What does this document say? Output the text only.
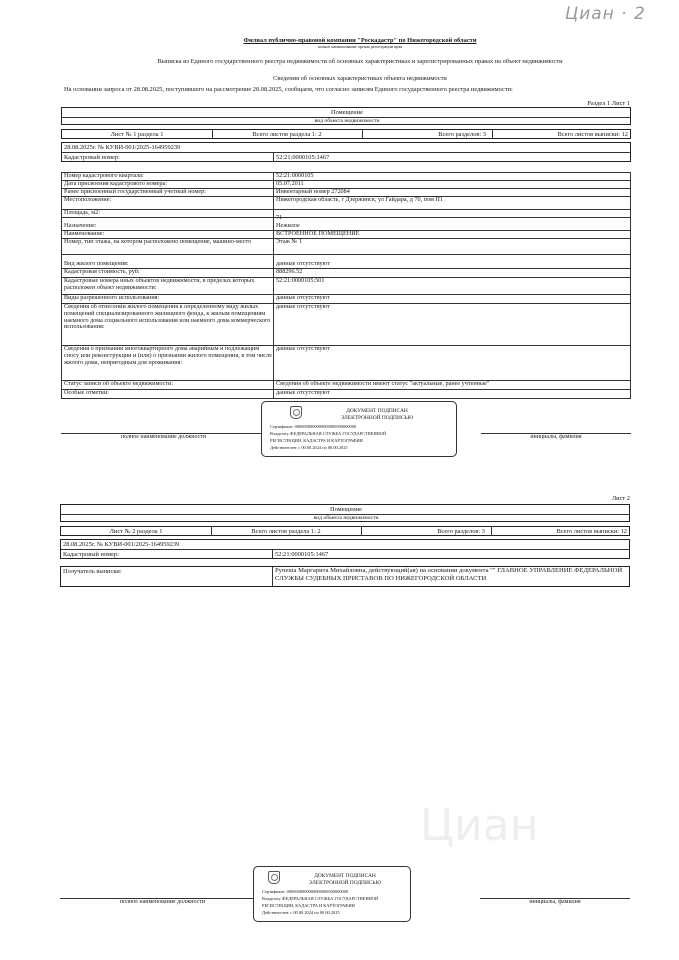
Циан · 2
Филиал публично-правовой компании "Роскадастр" по Нижегородской области
полное наименование органа регистрации прав
Выписка из Единого государственного реестра недвижимости об основных характеристиках и зарегистрированных правах на объект недвижимости
Сведения об основных характеристиках объекта недвижимости
На основании запроса от 28.08.2025, поступившего на рассмотрение 28.08.2025, сообщаем, что согласно записям Единого государственного реестра недвижимости:
Раздел 1 Лист 1
Помещение
вид объекта недвижимости
Лист № 1 раздела 1	Всего листов раздела 1: 2	Всего разделов: 3	Всего листов выписки: 12
28.08.2025г. № КУВИ-001/2025-164959239
Кадастровый номер:	52:21:0000105:1467
Номер кадастрового квартала:	52:21:0000105
Дата присвоения кадастрового номера:	05.07.2011
Ранее присвоенный государственный учетный номер:	Инвентарный номер 272084
Местоположение:	Нижегородская область, г Дзержинск, ул Гайдара, д 70, пом П1
Площадь, м2:
71
Назначение:	Нежилое
Наименование:	ВСТРОЕННОЕ ПОМЕЩЕНИЕ
Номер, тип этажа, на котором расположено помещение, машино-место	Этаж № 1
Вид жилого помещения:	данные отсутствуют
Кадастровая стоимость, руб:	888296.52
Кадастровые номера иных объектов недвижимости, в пределах которых расположен объект недвижимости:
52:21:0000105:501
Виды разрешенного использования:	данные отсутствуют
Сведения об отнесении жилого помещения к определенному виду жилых помещений специализированного жилищного фонда, к жилым помещениям наемного дома социального использования или наемного дома коммерческого использования:
данные отсутствуют
Сведения о признании многоквартирного дома аварийным и подлежащим сносу или реконструкции и (или) о признании жилого помещения, в том числе жилого дома, непригодным для проживания:
данные отсутствуют
Статус записи об объекте недвижимости:	Сведения об объекте недвижимости имеют статус "актуальные, ранее учтенные"
Особые отметки:	данные отсутствуют
полное наименование должности	инициалы, фамилия
ДОКУМЕНТ ПОДПИСАН
ЭЛЕКТРОННОЙ ПОДПИСЬЮ
Сертификат: 0000000000000000000000000000
Владелец: ФЕДЕРАЛЬНАЯ СЛУЖБА ГОСУДАРСТВЕННОЙ
РЕГИСТРАЦИИ, КАДАСТРА И КАРТОГРАФИИ
Действителен: с 00.00.2024 по 00.00.2025
Лист 2
Помещение
вид объекта недвижимости
Лист № 2 раздела 1	Всего листов раздела 1: 2	Всего разделов: 3	Всего листов выписки: 12
28.08.2025г. № КУВИ-001/2025-164959239
Кадастровый номер:	52:21:0000105:1467
Получатель выписки:	Рупеша Маргарита Михайловна, действующий(ая) на основании документа "" ГЛАВНОЕ УПРАВЛЕНИЕ ФЕДЕРАЛЬНОЙ СЛУЖБЫ СУДЕБНЫХ ПРИСТАВОВ ПО НИЖЕГОРОДСКОЙ ОБЛАСТИ
Циан
полное наименование должности	инициалы, фамилия
ДОКУМЕНТ ПОДПИСАН
ЭЛЕКТРОННОЙ ПОДПИСЬЮ
Сертификат: 0000000000000000000000000000
Владелец: ФЕДЕРАЛЬНАЯ СЛУЖБА ГОСУДАРСТВЕННОЙ
РЕГИСТРАЦИИ, КАДАСТРА И КАРТОГРАФИИ
Действителен: с 00.00.2024 по 00.00.2025
